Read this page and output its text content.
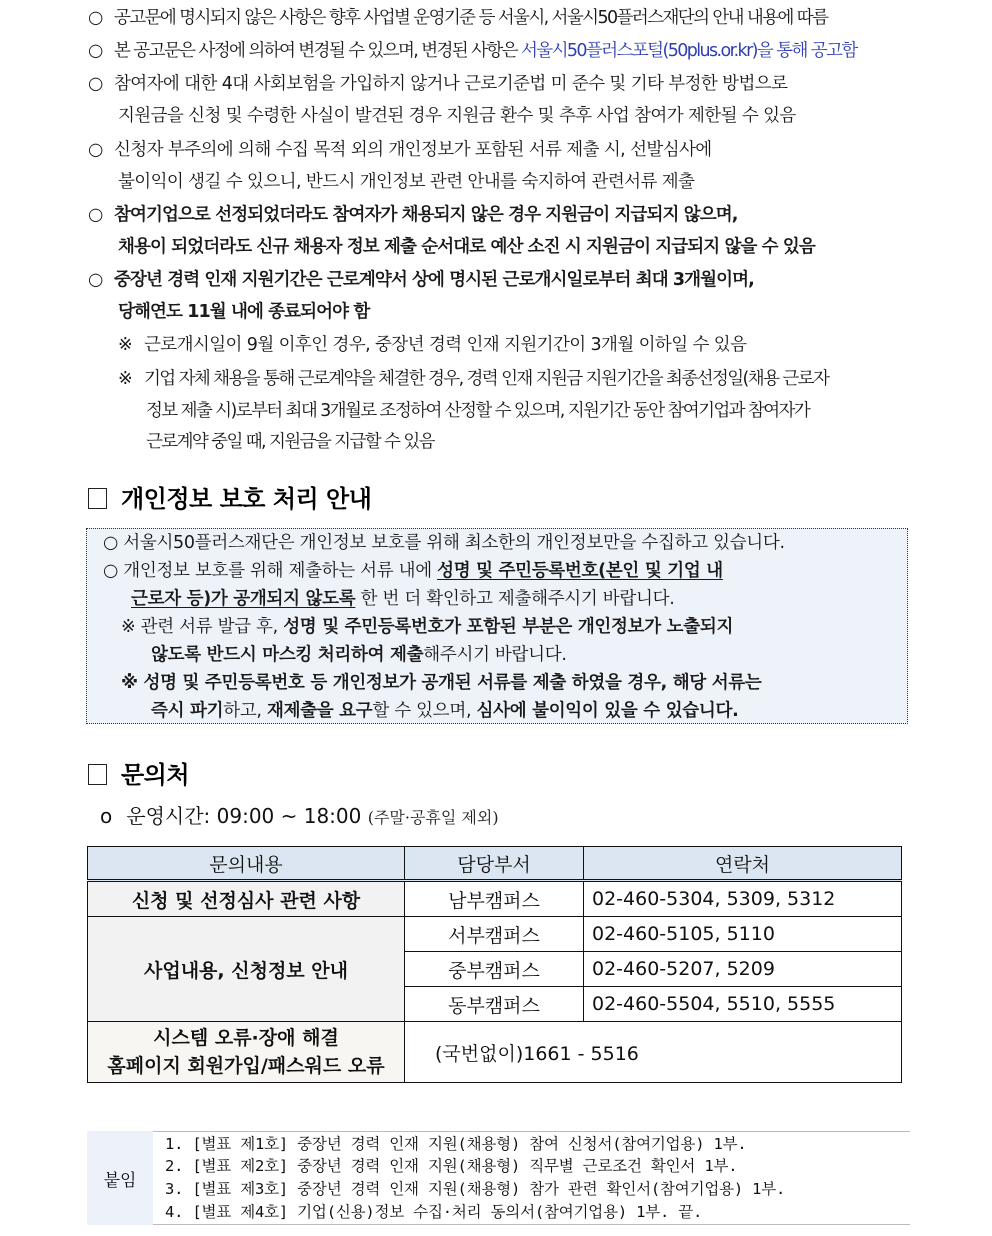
○ 공고문에 명시되지 않은 사항은 향후 사업별 운영기준 등 서울시, 서울시50플러스재단의 안내 내용에 따름
○ 본 공고문은 사정에 의하여 변경될 수 있으며, 변경된 사항은 서울시50플러스포털(50plus.or.kr)을 통해 공고함
○ 참여자에 대한 4대 사회보험을 가입하지 않거나 근로기준법 미 준수 및 기타 부정한 방법으로
지원금을 신청 및 수령한 사실이 발견된 경우 지원금 환수 및 추후 사업 참여가 제한될 수 있음
○ 신청자 부주의에 의해 수집 목적 외의 개인정보가 포함된 서류 제출 시, 선발심사에
불이익이 생길 수 있으니, 반드시 개인정보 관련 안내를 숙지하여 관련서류 제출
○ 참여기업으로 선정되었더라도 참여자가 채용되지 않은 경우 지원금이 지급되지 않으며,
채용이 되었더라도 신규 채용자 정보 제출 순서대로 예산 소진 시 지원금이 지급되지 않을 수 있음
○ 중장년 경력 인재 지원기간은 근로계약서 상에 명시된 근로개시일로부터 최대 3개월이며,
당해연도 11월 내에 종료되어야 함
※ 근로개시일이 9월 이후인 경우, 중장년 경력 인재 지원기간이 3개월 이하일 수 있음
※ 기업 자체 채용을 통해 근로계약을 체결한 경우, 경력 인재 지원금 지원기간을 최종선정일(채용 근로자
정보 제출 시)로부터 최대 3개월로 조정하여 산정할 수 있으며, 지원기간 동안 참여기업과 참여자가
근로계약 중일 때, 지원금을 지급할 수 있음
개인정보 보호 처리 안내
○ 서울시50플러스재단은 개인정보 보호를 위해 최소한의 개인정보만을 수집하고 있습니다.
○ 개인정보 보호를 위해 제출하는 서류 내에 성명 및 주민등록번호(본인 및 기업 내
근로자 등)가 공개되지 않도록 한 번 더 확인하고 제출해주시기 바랍니다.
※ 관련 서류 발급 후, 성명 및 주민등록번호가 포함된 부분은 개인정보가 노출되지
않도록 반드시 마스킹 처리하여 제출해주시기 바랍니다.
※ 성명 및 주민등록번호 등 개인정보가 공개된 서류를 제출 하였을 경우, 해당 서류는
즉시 파기하고, 재제출을 요구할 수 있으며, 심사에 불이익이 있을 수 있습니다.
문의처
o 운영시간: 09:00 ~ 18:00 (주말·공휴일 제외)
문의내용	담당부서	연락처
신청 및 선정심사 관련 사항	남부캠퍼스	02-460-5304, 5309, 5312
사업내용, 신청정보 안내	서부캠퍼스	02-460-5105, 5110
	중부캠퍼스	02-460-5207, 5209
	동부캠퍼스	02-460-5504, 5510, 5555

시스템 오류·장애 해결
홈페이지 회원가입/패스워드 오류	(국번없이)1661 - 5516	
붙임
1. [별표 제1호] 중장년 경력 인재 지원(채용형) 참여 신청서(참여기업용) 1부.
2. [별표 제2호] 중장년 경력 인재 지원(채용형) 직무별 근로조건 확인서 1부.
3. [별표 제3호] 중장년 경력 인재 지원(채용형) 참가 관련 확인서(참여기업용) 1부.
4. [별표 제4호] 기업(신용)정보 수집·처리 동의서(참여기업용) 1부. 끝.
